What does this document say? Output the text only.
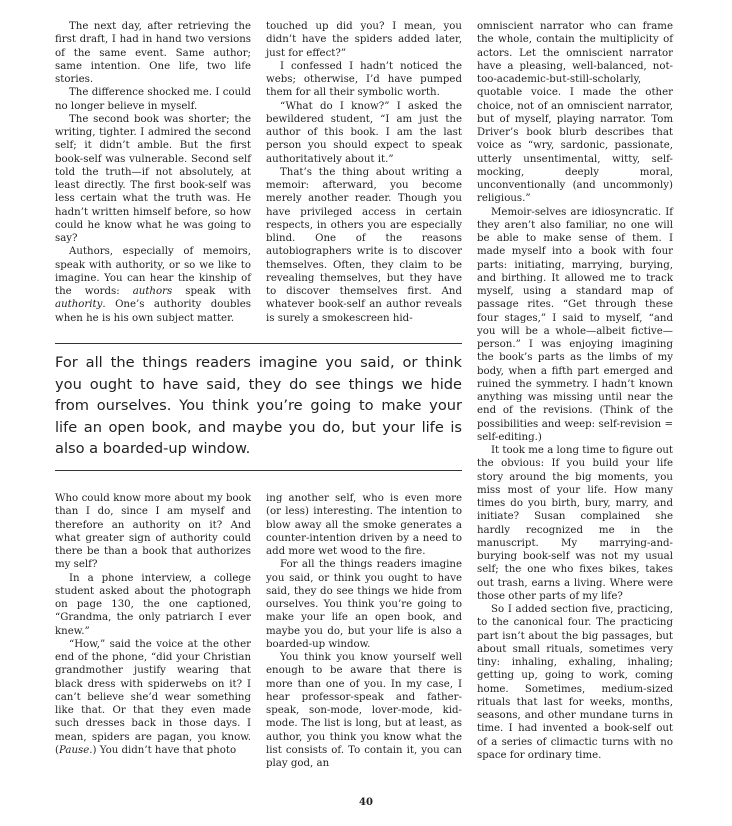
The next day, after retrieving the first draft, I had in hand two versions of the same event. Same author; same intention. One life, two life stories.

The difference shocked me. I could no longer believe in myself.

The second book was shorter; the writing, tighter. I admired the second self; it didn’t amble. But the first book-self was vulnerable. Second self told the truth—if not absolutely, at least directly. The first book-self was less certain what the truth was. He hadn’t written himself before, so how could he know what he was going to say?

Authors, especially of memoirs, speak with authority, or so we like to imagine. You can hear the kinship of the words: authors speak with authority. One’s authority doubles when he is his own subject matter.

touched up did you? I mean, you didn’t have the spiders added later, just for effect?”

I confessed I hadn’t noticed the webs; otherwise, I’d have pumped them for all their symbolic worth.

“What do I know?” I asked the bewildered student, “I am just the author of this book. I am the last person you should expect to speak authoritatively about it.”

That’s the thing about writing a memoir: afterward, you become merely another reader. Though you have privileged access in certain respects, in others you are especially blind. One of the reasons autobiographers write is to discover themselves. Often, they claim to be revealing themselves, but they have to discover themselves first. And whatever book-self an author reveals is surely a smokescreen hid-

omniscient narrator who can frame the whole, contain the multiplicity of actors. Let the omniscient narrator have a pleasing, well-balanced, not-too-academic-but-still-scholarly, quotable voice. I made the other choice, not of an omniscient narrator, but of myself, playing narrator. Tom Driver’s book blurb describes that voice as “wry, sardonic, passionate, utterly unsentimental, witty, self-mocking, deeply moral, unconventionally (and uncommonly) religious.”

Memoir-selves are idiosyncratic. If they aren’t also familiar, no one will be able to make sense of them. I made myself into a book with four parts: initiating, marrying, burying, and birthing. It allowed me to track myself, using a standard map of passage rites. “Get through these four stages,” I said to myself, “and you will be a whole—albeit fictive—person.” I was enjoying imagining the book’s parts as the limbs of my body, when a fifth part emerged and ruined the symmetry. I hadn’t known anything was missing until near the end of the revisions. (Think of the possibilities and weep: self-revision = self-editing.)

It took me a long time to figure out the obvious: If you build your life story around the big moments, you miss most of your life. How many times do you birth, bury, marry, and initiate? Susan complained she hardly recognized me in the manuscript. My marrying-and-burying book-self was not my usual self; the one who fixes bikes, takes out trash, earns a living. Where were those other parts of my life?

So I added section five, practicing, to the canonical four. The practicing part isn’t about the big passages, but about small rituals, sometimes very tiny: inhaling, exhaling, inhaling; getting up, going to work, coming home. Sometimes, medium-sized rituals that last for weeks, months, seasons, and other mundane turns in time. I had invented a book-self out of a series of climactic turns with no space for ordinary time.

For all the things readers imagine you said, or think you ought to have said, they do see things we hide from ourselves. You think you’re going to make your life an open book, and maybe you do, but your life is also a boarded-up window.

Who could know more about my book than I do, since I am myself and therefore an authority on it? And what greater sign of authority could there be than a book that authorizes my self?

In a phone interview, a college student asked about the photograph on page 130, the one captioned, “Grandma, the only patriarch I ever knew.”

“How,” said the voice at the other end of the phone, “did your Christian grandmother justify wearing that black dress with spiderwebs on it? I can’t believe she’d wear something like that. Or that they even made such dresses back in those days. I mean, spiders are pagan, you know. (Pause.) You didn’t have that photo

ing another self, who is even more (or less) interesting. The intention to blow away all the smoke generates a counter-intention driven by a need to add more wet wood to the fire.

For all the things readers imagine you said, or think you ought to have said, they do see things we hide from ourselves. You think you’re going to make your life an open book, and maybe you do, but your life is also a boarded-up window.

You think you know yourself well enough to be aware that there is more than one of you. In my case, I hear professor-speak and father-speak, son-mode, lover-mode, kid-mode. The list is long, but at least, as author, you think you know what the list consists of. To contain it, you can play god, an

40
